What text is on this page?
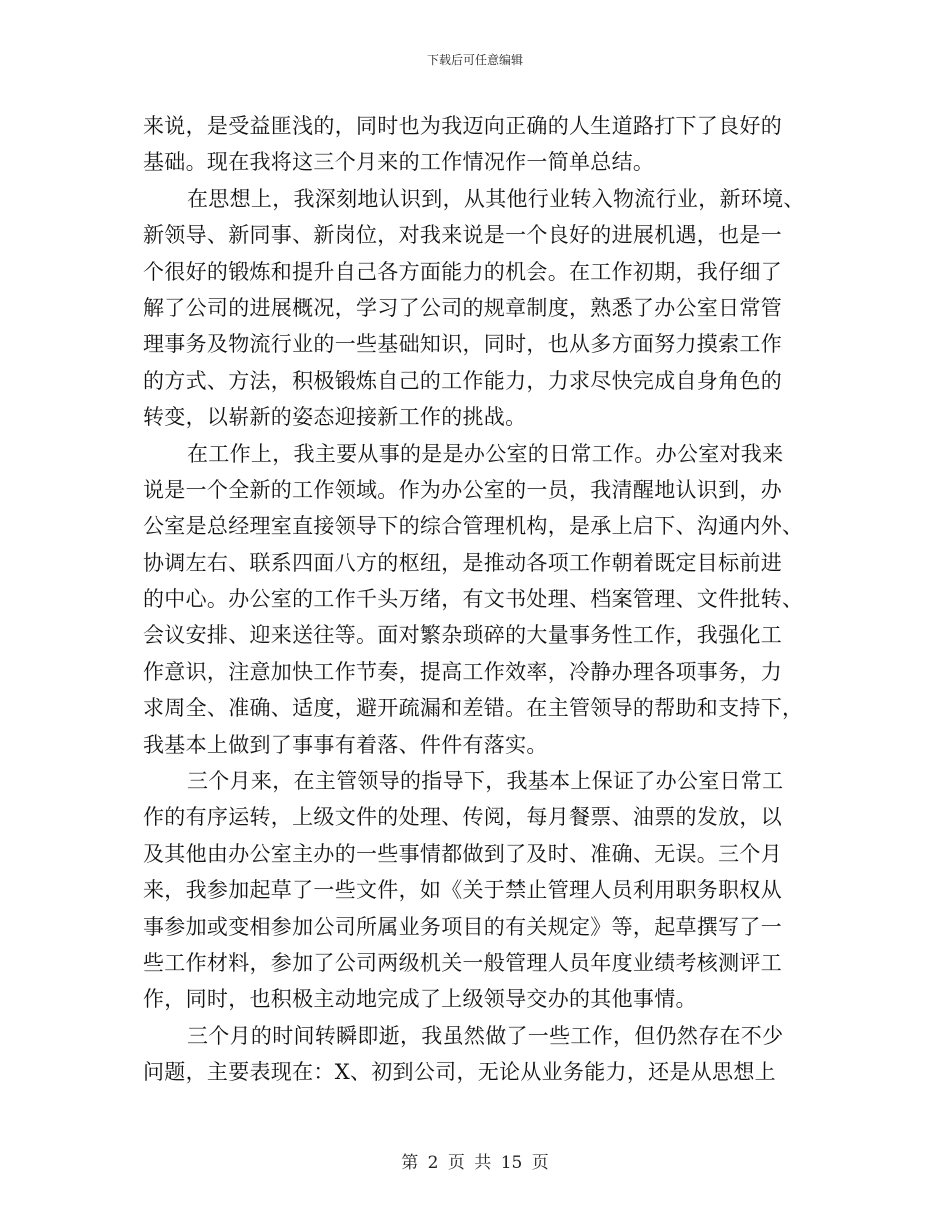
下载后可任意编辑
来说，是受益匪浅的，同时也为我迈向正确的人生道路打下了良好的
基础。现在我将这三个月来的工作情况作一简单总结。
在思想上，我深刻地认识到，从其他行业转入物流行业，新环境、
新领导、新同事、新岗位，对我来说是一个良好的进展机遇，也是一
个很好的锻炼和提升自己各方面能力的机会。在工作初期，我仔细了
解了公司的进展概况，学习了公司的规章制度，熟悉了办公室日常管
理事务及物流行业的一些基础知识，同时，也从多方面努力摸索工作
的方式、方法，积极锻炼自己的工作能力，力求尽快完成自身角色的
转变，以崭新的姿态迎接新工作的挑战。
在工作上，我主要从事的是是办公室的日常工作。办公室对我来
说是一个全新的工作领域。作为办公室的一员，我清醒地认识到，办
公室是总经理室直接领导下的综合管理机构，是承上启下、沟通内外、
协调左右、联系四面八方的枢纽，是推动各项工作朝着既定目标前进
的中心。办公室的工作千头万绪，有文书处理、档案管理、文件批转、
会议安排、迎来送往等。面对繁杂琐碎的大量事务性工作，我强化工
作意识，注意加快工作节奏，提高工作效率，冷静办理各项事务，力
求周全、准确、适度，避开疏漏和差错。在主管领导的帮助和支持下，
我基本上做到了事事有着落、件件有落实。
三个月来，在主管领导的指导下，我基本上保证了办公室日常工
作的有序运转，上级文件的处理、传阅，每月餐票、油票的发放，以
及其他由办公室主办的一些事情都做到了及时、准确、无误。三个月
来，我参加起草了一些文件，如《关于禁止管理人员利用职务职权从
事参加或变相参加公司所属业务项目的有关规定》等，起草撰写了一
些工作材料，参加了公司两级机关一般管理人员年度业绩考核测评工
作，同时，也积极主动地完成了上级领导交办的其他事情。
三个月的时间转瞬即逝，我虽然做了一些工作，但仍然存在不少
问题，主要表现在：X、初到公司，无论从业务能力，还是从思想上
第 2 页 共 15 页
